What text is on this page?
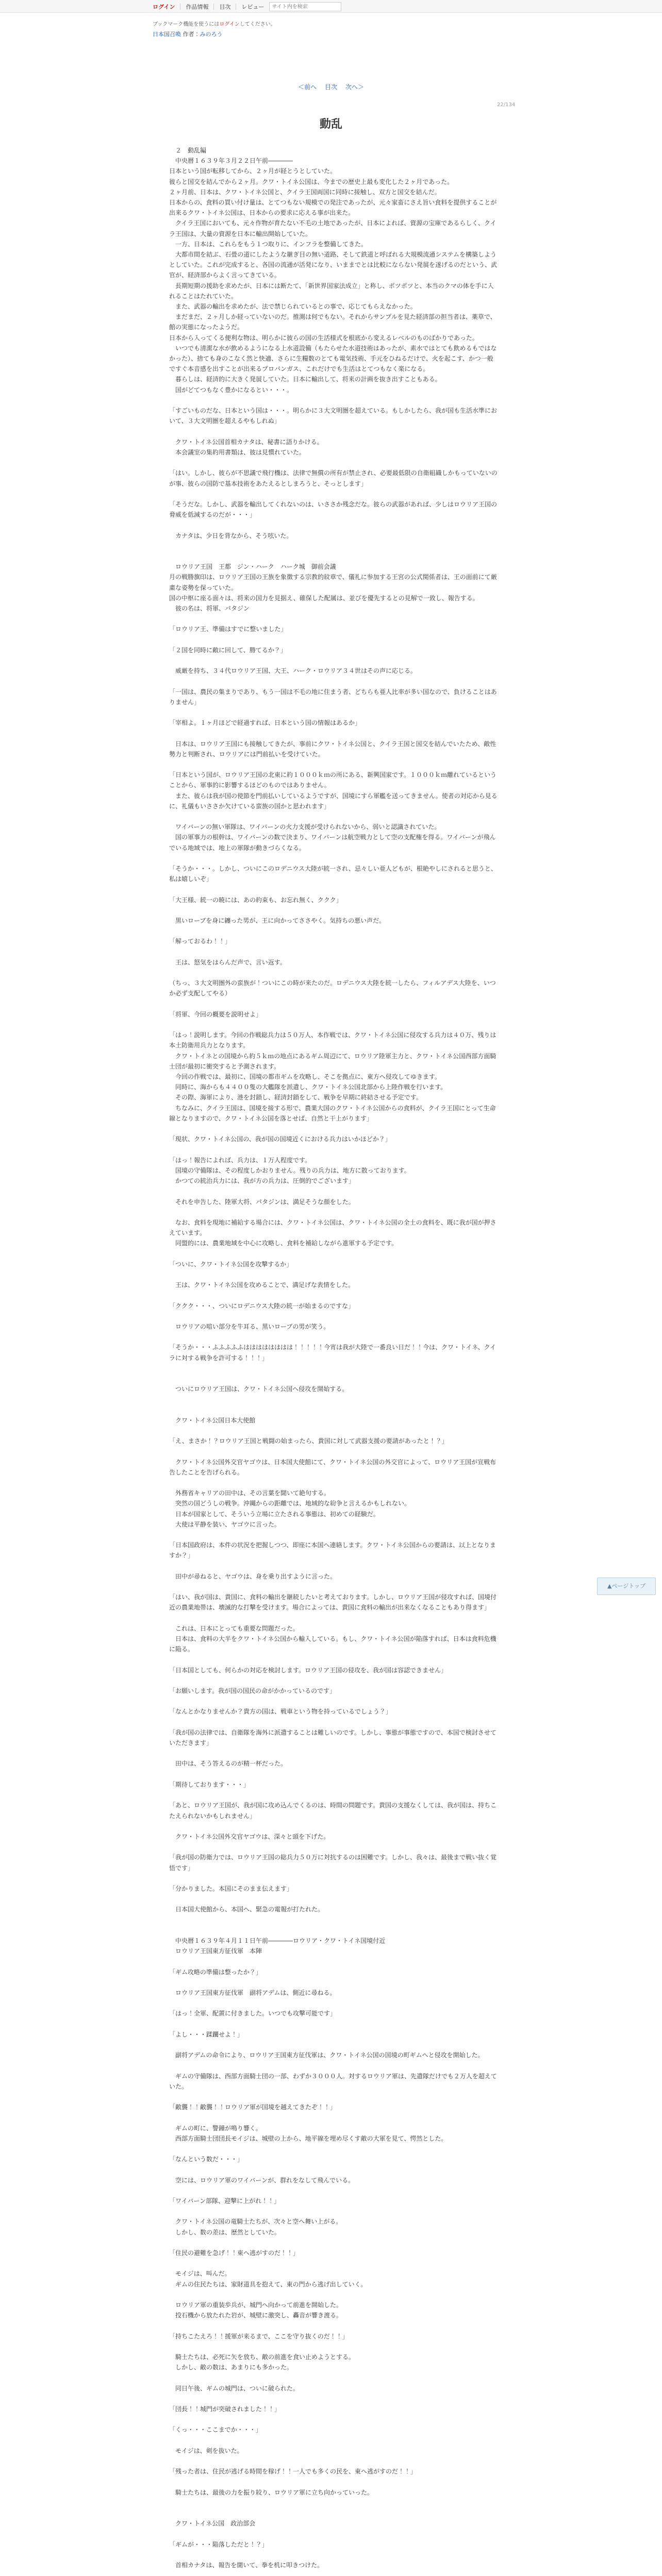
ログイン 作品情報 目次 レビュー
サイト内を検索
ブックマーク機能を使うにはログインしてください。
日本国召喚 作者：みのろう
＜前へ 目次 次へ＞
22/134
動乱
　２　動乱編
　中央暦１６３９年３月２２日午前――――
日本という国が転移してから、２ヶ月が経とうとしていた。
彼らと国交を結んでから２ヶ月。クワ・トイネ公国は、今までの歴史上最も変化した２ヶ月であった。
２ヶ月前、日本は、クワ・トイネ公国と、クイラ王国両国に同時に接触し、双方と国交を結んだ。
日本からの、食料の買い付け量は、とてつもない規模での発注であったが、元々家畜にさえ旨い食料を提供することが出来るクワ・トイネ公国は、日本からの要求に応える事が出来た。
　クイラ王国においても、元々作物が育たない不毛の土地であったが、日本によれば、資源の宝庫であるらしく、クイラ王国は、大量の資源を日本に輸出開始していた。
　一方、日本は、これらをもう１つ取りに、インフラを整備してきた。
　大都市間を結ぶ、石畳の道にしたような継ぎ目の無い道路、そして鉄道と呼ばれる大規模流通システムを構築しようとしていた。これが完成すると、各国の流通が活発になり、いままでとは比較にならない発展を遂げるのだという、武官が、経済部からよく言ってきている。
　長期短期の援助を求めたが、日本には断たて、「新世界国家法成立」と称し、ポツポツと、本当のクマの体を手に入れることはたれていた。
　また、武器の輸出を求めたが、法で禁じられているとの事で、応じてもらえなかった。
　まだまだ、２ヶ月しか経っていないのだ。推測は何でもない。それからサンプルを見た経済部の担当者は、薬草で、館の実態になったようだ。
日本から入ってくる便利な物は、明らかに彼らの国の生活様式を根底から変えるレベルのものばかりであった。
　いつでも清潔な水が飲めるようになる上水道設備（もたらせた水道技術はあったが、素水ではとても飲めるもではなかった）、捨ても身のこなく然と快適、さらに生糧数のとても電気技術、手元をひねるだけで、火を起こす、かつ一般ですぐ本音感を出すことが出来るプロパンガス、これだけでも生活はとてつもなく楽になる。
　暮らしは、経済的に大きく発展していた。日本に輸出して、将来の計画を抜き出すこともある。
　国がどてつもなく豊かになるとい・・・。

「すごいものだな、日本という国は・・・。明らかに３大文明圏を超えている。もしかしたら、我が国も生活水準において、３大文明圏を超えるやもしれぬ」

　クワ・トイネ公国首相カナタは、秘書に語りかける。
　本会議室の集約用書類は、彼は見慣れていた。

「はい。しかし、彼らが不思議で飛行機は、法律で無償の所有が禁止され、必要最低限の自衛組織しかもっていないのが事、彼らの国防で基本技術をあたえるとしまろうと、そっとします」

「そうだな。しかし、武器を輸出してくれないのは、いささか残念だな。彼らの武器があれば、少しはロウリア王国の脅威を低減するのだが・・・」

　カナタは、少日を背なから、そう呟いた。

　ロウリア王国　王都　ジン・ハーク　ハーク城　御前会議
月の戦勝旗印は、ロウリア王国の王族を象徴する宗教的紋章で、儀礼に参加する王宮の公式関係者は、王の面前にて厳粛な姿勢を保っていた。
国の中枢に座る面々は、将来の国力を見据え、確保した配属は、並びを優先するとの見解で一致し、報告する。
　彼の名は、将軍、パタジン

「ロウリア王、準備はすでに整いました」

「２国を同時に敵に回して、勝てるか？」

　威厳を持ち、３４代ロウリア王国、大王、ハーク・ロウリア３４世はその声に応じる。

「一国は、農民の集まりであり、もう一国は不毛の地に住まう者、どちらも亜人比率が多い国なので、負けることはありません」

「宰相よ。１ヶ月ほどで経過すれば、日本という国の情報はあるか」

　日本は、ロウリア王国にも接触してきたが、事前にクワ・トイネ公国と、クイラ王国と国交を結んでいたため、敵性勢力と判断され、ロウリアには門前払いを受けていた。

「日本という国が、ロウリア王国の北東に約１０００ｋｍの所にある、新興国家です。１０００ｋｍ離れているということから、軍事的に影響するほどのものではありません。
　また、彼らは我が国の使節を門前払いしているようですが、国境にすら軍艦を送ってきません。使者の対応から見るに、礼儀もいささか欠けている蛮族の国かと思われます」

　ワイバーンの無い軍隊は、ワイバーンの火力支援が受けられないから、弱いと認識されていた。
　国の軍事力の根幹は、ワイバーンの数で決まり、ワイバーンは航空戦力として空の支配権を得る。ワイバーンが飛んでいる地域では、地上の軍隊が動きづらくなる。

「そうか・・・。しかし、ついにこのロデニウス大陸が統一され、忌々しい亜人どもが、根絶やしにされると思うと、私は嬉しいぞ」

「大王様、統一の暁には、あの約束も、お忘れ無く、ククク」

　黒いローブを身に纏った男が、王に向かってささやく。気持ちの悪い声だ。

「解っておるわ！！」

　王は、怒気をはらんだ声で、言い返す。

（ちっ、３大文明圏外の蛮族が！ついにこの時が来たのだ。ロデニウス大陸を統一したら、フィルアデス大陸を、いつか必ず支配してやる）

「将軍、今回の概要を説明せよ」

「はっ！説明します。今回の作戦総兵力は５０万人、本作戦では、クワ・トイネ公国に侵攻する兵力は４０万、残りは本土防衛用兵力となります。
　クワ・トイネとの国境から約５ｋｍの地点にあるギム周辺にて、ロウリア陸軍主力と、クワ・トイネ公国西部方面騎士団が最初に衝突すると予測されます。
　今回の作戦では、最初に、国境の都市ギムを攻略し、そこを拠点に、東方へ侵攻してゆきます。
　同時に、海からも４４００隻の大艦隊を派遣し、クワ・トイネ公国北部から上陸作戦を行います。
　その際、海軍により、港を封鎖し、経済封鎖をして、戦争を早期に終結させる予定です。
　ちなみに、クイラ王国は、国境を接する形で、農業大国のクワ・トイネ公国からの食料が、クイラ王国にとって生命線となりますので、クワ・トイネ公国を落とせば、自然と干上がります」

「現状、クワ・トイネ公国の、我が国の国境近くにおける兵力はいかほどか？」

「はっ！報告によれば、兵力は、１万人程度です。
　国境の守備隊は、その程度しかおりません。残りの兵力は、地方に散っております。
　かつての統治兵力には、我が方の兵力は、圧倒的でございます」

　それを申告した、陸軍大将、パタジンは、満足そうな顔をした。

　なお、食料を現地に補給する場合には、クワ・トイネ公国は、クワ・トイネ公国の全土の食料を、既に我が国が押さえています。
　同盟的には、農業地域を中心に攻略し、食料を補給しながら進軍する予定です。

「ついに、クワ・トイネ公国を攻撃するか」

　王は、クワ・トイネ公国を攻めることで、満足げな表情をした。

「ククク・・・、ついにロデニウス大陸の統一が始まるのですな」

　ロウリアの暗い部分を牛耳る、黒いローブの男が笑う。

「そうか・・・ふふふふふはははははははは！！！！！今宵は我が大陸で一番良い日だ！！今は、クワ・トイネ、クイラに対する戦争を許可する！！！」

　ついにロウリア王国は、クワ・トイネ公国へ侵攻を開始する。

　クワ・トイネ公国日本大使館

「え、まさか！？ロウリア王国と戦闘の始まったら、貴国に対して武器支援の要請があったと！？」

　クワ・トイネ公国外交官ヤゴウは、日本国大使館にて、クワ・トイネ公国の外交官によって、ロウリア王国が宣戦布告したことを告げられる。

　外務省キャリアの田中は、その言葉を聞いて絶句する。
　突然の国どうしの戦争。沖縄からの距離では、地域的な紛争と言えるかもしれない。
　日本が国家として、そういう立場に立たされる事態は、初めての経験だ。
　大使は平静を装い、ヤゴウに言った。

「日本国政府は、本件の状況を把握しつつ、即座に本国へ連絡します。クワ・トイネ公国からの要請は、以上となりますか？」

　田中が尋ねると、ヤゴウは、身を乗り出すように言った。

「はい、我が国は、貴国に、食料の輸出を継続したいと考えております。しかし、ロウリア王国が侵攻すれば、国境付近の農業地帯は、壊滅的な打撃を受けます。場合によっては、貴国に食料の輸出が出来なくなることもあり得ます」

　これは、日本にとっても重要な問題だった。
　日本は、食料の大半をクワ・トイネ公国から輸入している。もし、クワ・トイネ公国が陥落すれば、日本は食料危機に陥る。

「日本国としても、何らかの対応を検討します。ロウリア王国の侵攻を、我が国は容認できません」

「お願いします。我が国の国民の命がかかっているのです」

「なんとかなりませんか？貴方の国は、戦車という物を持っているでしょう？」

「我が国の法律では、自衛隊を海外に派遣することは難しいのです。しかし、事態が事態ですので、本国で検討させていただきます」

　田中は、そう答えるのが精一杯だった。

「期待しております・・・」

「あと、ロウリア王国が、我が国に攻め込んでくるのは、時間の問題です。貴国の支援なくしては、我が国は、持ちこたえられないかもしれません」

　クワ・トイネ公国外交官ヤゴウは、深々と頭を下げた。

「我が国の防衛力では、ロウリア王国の総兵力５０万に対抗するのは困難です。しかし、我々は、最後まで戦い抜く覚悟です」

「分かりました。本国にそのまま伝えます」

　日本国大使館から、本国へ、緊急の電報が打たれた。

　中央暦１６３９年４月１１日午前――――ロウリア・クワ・トイネ国境付近
　ロウリア王国東方征伐軍　本陣

「ギム攻略の準備は整ったか？」

　ロウリア王国東方征伐軍　副将アデムは、側近に尋ねる。

「はっ！全軍、配置に付きました。いつでも攻撃可能です」

「よし・・・蹂躙せよ！」

　副将アデムの命令により、ロウリア王国東方征伐軍は、クワ・トイネ公国の国境の町ギムへと侵攻を開始した。

　ギムの守備隊は、西部方面騎士団の一部、わずか３０００人。対するロウリア軍は、先遣隊だけでも２万人を超えていた。

「敵襲！！敵襲！！ロウリア軍が国境を越えてきたぞ！！」

　ギムの町に、警鐘が鳴り響く。
　西部方面騎士団団長モイジは、城壁の上から、地平線を埋め尽くす敵の大軍を見て、愕然とした。

「なんという数だ・・・」

　空には、ロウリア軍のワイバーンが、群れをなして飛んでいる。

「ワイバーン部隊、迎撃に上がれ！！」

　クワ・トイネ公国の竜騎士たちが、次々と空へ舞い上がる。
　しかし、数の差は、歴然としていた。

「住民の避難を急げ！！東へ逃がすのだ！！」

　モイジは、叫んだ。
　ギムの住民たちは、家財道具を抱えて、東の門から逃げ出していく。

　ロウリア軍の重装歩兵が、城門へ向かって前進を開始した。
　投石機から放たれた岩が、城壁に激突し、轟音が響き渡る。

「持ちこたえろ！！援軍が来るまで、ここを守り抜くのだ！！」

　騎士たちは、必死に矢を放ち、敵の前進を食い止めようとする。
　しかし、敵の数は、あまりにも多かった。

　同日午後、ギムの城門は、ついに破られた。

「団長！！城門が突破されました！！」

「くっ・・・ここまでか・・・」

　モイジは、剣を抜いた。

「残った者は、住民が逃げる時間を稼げ！！一人でも多くの民を、東へ逃がすのだ！！」

　騎士たちは、最後の力を振り絞り、ロウリア軍に立ち向かっていった。

　クワ・トイネ公国　政治部会

「ギムが・・・陥落しただと！？」

　首相カナタは、報告を聞いて、拳を机に叩きつけた。

▲ページトップ
